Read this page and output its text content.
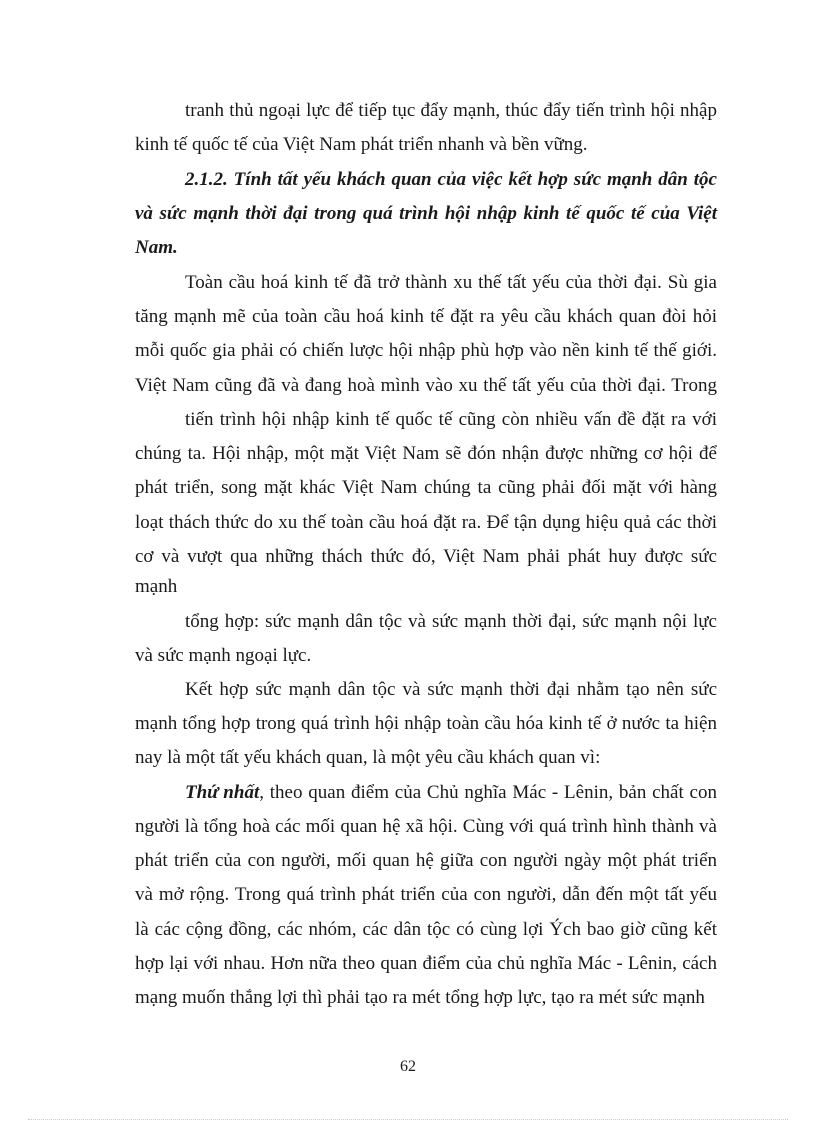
tranh thủ ngoại lực để tiếp tục đẩy mạnh, thúc đẩy tiến trình hội nhập
kinh tế quốc tế của Việt Nam phát triển nhanh và bền vững.
2.1.2. Tính tất yếu khách quan của việc kết hợp sức mạnh dân tộc
và sức mạnh thời đại trong quá trình hội nhập kinh tế quốc tế của Việt
Nam.
Toàn cầu hoá kinh tế đã trở thành xu thế tất yếu của thời đại. Sù gia
tăng mạnh mẽ của toàn cầu hoá kinh tế đặt ra yêu cầu khách quan đòi hỏi
mỗi quốc gia phải có chiến lược hội nhập phù hợp vào nền kinh tế thế giới.
Việt Nam cũng đã và đang hoà mình vào xu thế tất yếu của thời đại. Trong
tiến trình hội nhập kinh tế quốc tế cũng còn nhiều vấn đề đặt ra với
chúng ta. Hội nhập, một mặt Việt Nam sẽ đón nhận được những cơ hội để
phát triển, song mặt khác Việt Nam chúng ta cũng phải đối mặt với hàng
loạt thách thức do xu thế toàn cầu hoá đặt ra. Để tận dụng hiệu quả các thời
cơ và vượt qua những thách thức đó, Việt Nam phải phát huy được sức
mạnh
tổng hợp: sức mạnh dân tộc và sức mạnh thời đại, sức mạnh nội lực
và sức mạnh ngoại lực.
Kết hợp sức mạnh dân tộc và sức mạnh thời đại nhằm tạo nên sức
mạnh tổng hợp trong quá trình hội nhập toàn cầu hóa kinh tế ở nước ta hiện
nay là một tất yếu khách quan, là một yêu cầu khách quan vì:
Thứ nhất , theo quan điểm của Chủ nghĩa Mác - Lênin, bản chất con
người là tổng hoà các mối quan hệ xã hội. Cùng với quá trình hình thành và
phát triển của con người, mối quan hệ giữa con người ngày một phát triển
và mở rộng. Trong quá trình phát triển của con người, dẫn đến một tất yếu
là các cộng đồng, các nhóm, các dân tộc có cùng lợi Ých bao giờ cũng kết
hợp lại với nhau. Hơn nữa theo quan điểm của chủ nghĩa Mác - Lênin, cách
mạng muốn thắng lợi thì phải tạo ra mét tổng hợp lực, tạo ra mét sức mạnh
62
